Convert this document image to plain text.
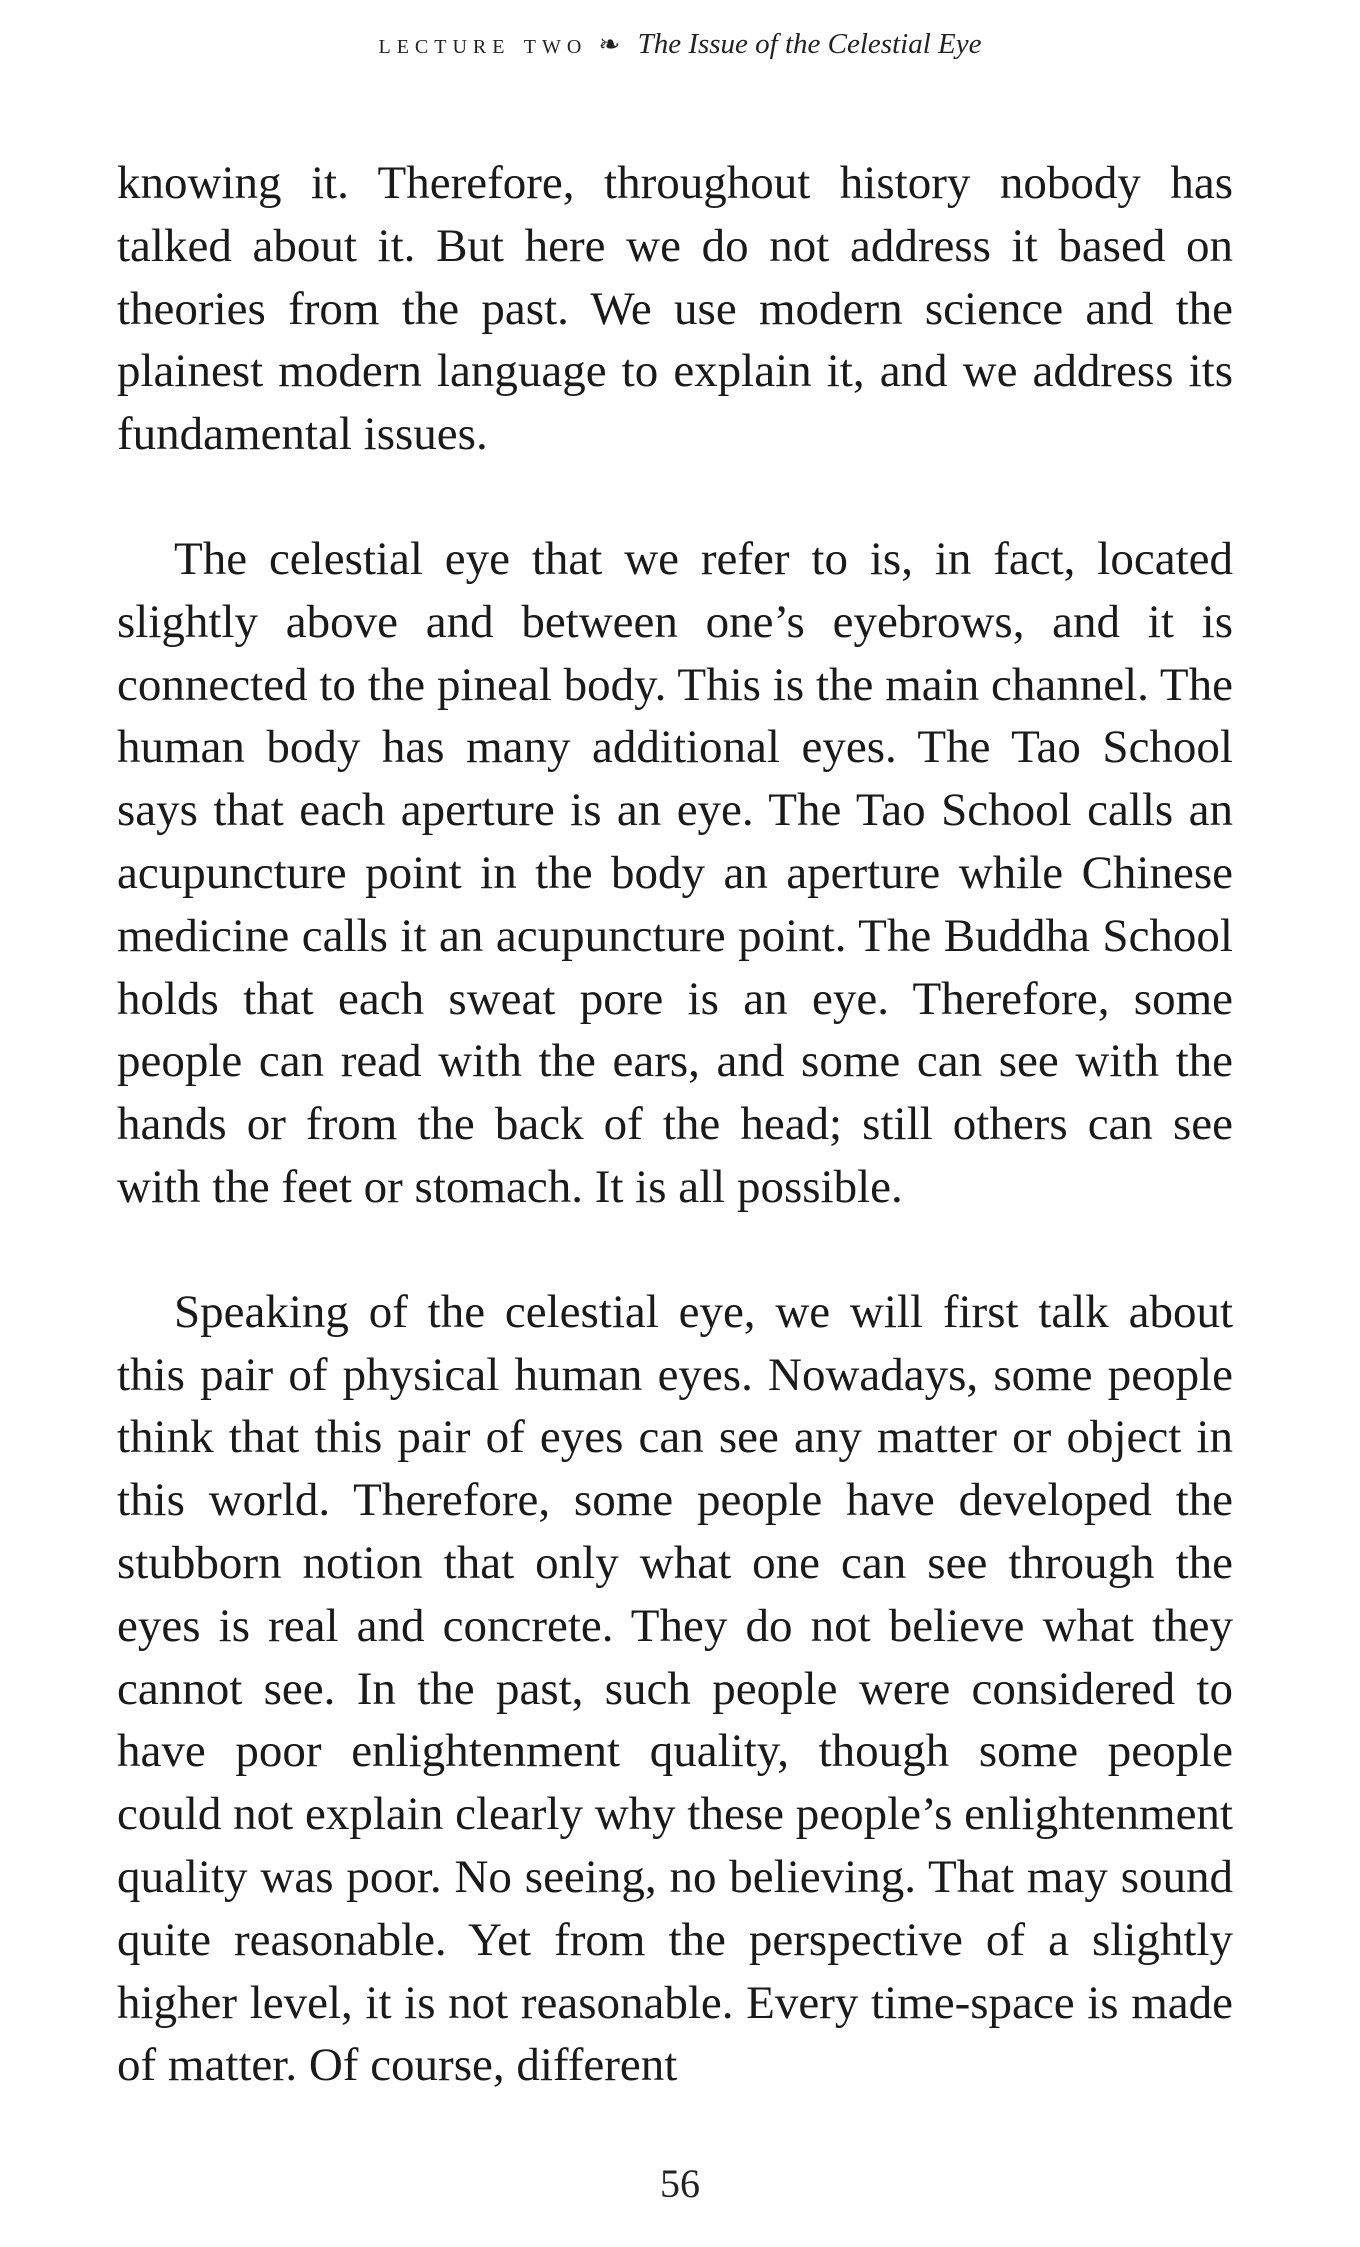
lecture two ❧ The Issue of the Celestial Eye

knowing it. Therefore, throughout history nobody has talked about it. But here we do not address it based on theories from the past. We use modern science and the plainest modern language to explain it, and we address its fundamental issues.

The celestial eye that we refer to is, in fact, located slightly above and between one’s eyebrows, and it is connected to the pineal body. This is the main channel. The human body has many additional eyes. The Tao School says that each aperture is an eye. The Tao School calls an acupuncture point in the body an aperture while Chinese medicine calls it an acupuncture point. The Buddha School holds that each sweat pore is an eye. Therefore, some people can read with the ears, and some can see with the hands or from the back of the head; still others can see with the feet or stomach. It is all possible.

Speaking of the celestial eye, we will first talk about this pair of physical human eyes. Nowadays, some people think that this pair of eyes can see any matter or object in this world. Therefore, some people have developed the stubborn notion that only what one can see through the eyes is real and concrete. They do not believe what they cannot see. In the past, such people were considered to have poor enlightenment quality, though some people could not explain clearly why these people’s enlightenment quality was poor. No seeing, no believing. That may sound quite reasonable. Yet from the perspective of a slightly higher level, it is not reasonable. Every time-space is made of matter. Of course, different

56
